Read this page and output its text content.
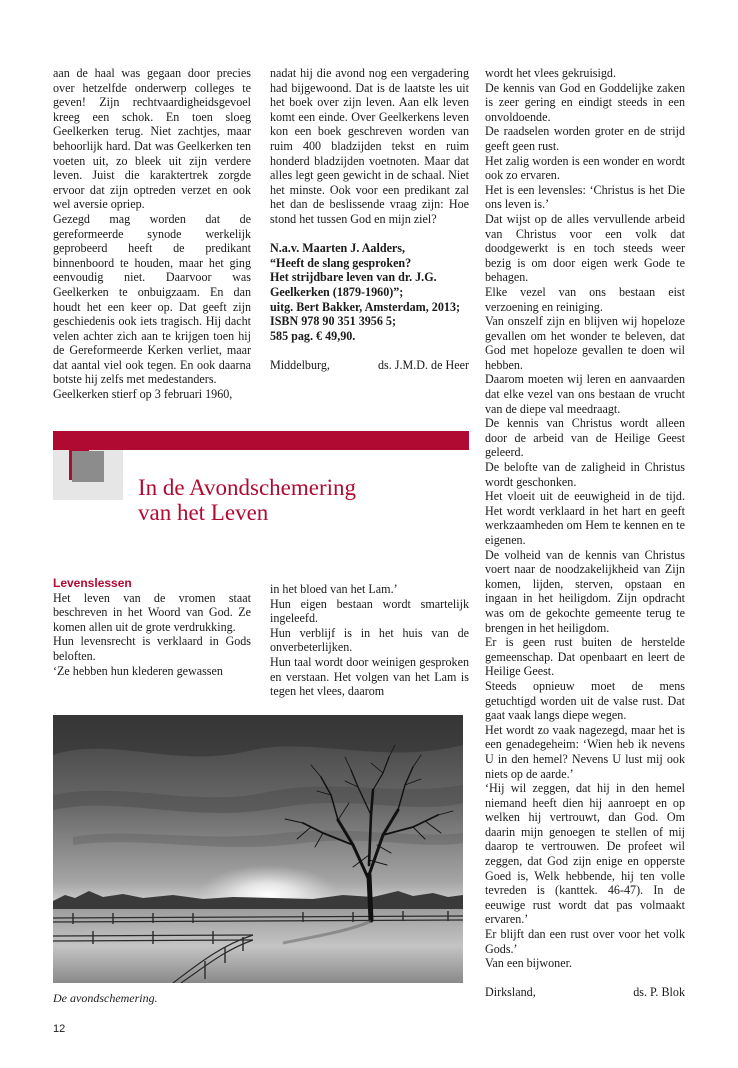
aan de haal was gegaan door precies over hetzelfde onderwerp colleges te geven! Zijn rechtvaardigheidsgevoel kreeg een schok. En toen sloeg Geelkerken terug. Niet zachtjes, maar behoorlijk hard. Dat was Geelkerken ten voeten uit, zo bleek uit zijn verdere leven. Juist die karaktertrek zorgde ervoor dat zijn optreden verzet en ook wel aversie opriep.

Gezegd mag worden dat de gereformeerde synode werkelijk geprobeerd heeft de predikant binnenboord te houden, maar het ging eenvoudig niet. Daarvoor was Geelkerken te onbuigzaam. En dan houdt het een keer op. Dat geeft zijn geschiedenis ook iets tragisch. Hij dacht velen achter zich aan te krijgen toen hij de Gereformeerde Kerken verliet, maar dat aantal viel ook tegen. En ook daarna botste hij zelfs met medestanders.

Geelkerken stierf op 3 februari 1960,

nadat hij die avond nog een vergadering had bijgewoond. Dat is de laatste les uit het boek over zijn leven. Aan elk leven komt een einde. Over Geelkerkens leven kon een boek geschreven worden van ruim 400 bladzijden tekst en ruim honderd bladzijden voetnoten. Maar dat alles legt geen gewicht in de schaal. Niet het minste. Ook voor een predikant zal het dan de beslissende vraag zijn: Hoe stond het tussen God en mijn ziel?

N.a.v. Maarten J. Aalders,
“Heeft de slang gesproken?
Het strijdbare leven van dr. J.G.
Geelkerken (1879-1960)”;
uitg. Bert Bakker, Amsterdam, 2013;
ISBN 978 90 351 3956 5;
585 pag. € 49,90.
Middelburg,	ds. J.M.D. de Heer

wordt het vlees gekruisigd.

De kennis van God en Goddelijke zaken is zeer gering en eindigt steeds in een onvoldoende.

De raadselen worden groter en de strijd geeft geen rust.

Het zalig worden is een wonder en wordt ook zo ervaren.

Het is een levensles: ‘Christus is het Die ons leven is.’

Dat wijst op de alles vervullende arbeid van Christus voor een volk dat doodgewerkt is en toch steeds weer bezig is om door eigen werk Gode te behagen.

Elke vezel van ons bestaan eist verzoening en reiniging.

Van onszelf zijn en blijven wij hopeloze gevallen om het wonder te beleven, dat God met hopeloze gevallen te doen wil hebben.

Daarom moeten wij leren en aanvaarden dat elke vezel van ons bestaan de vrucht van de diepe val meedraagt.

De kennis van Christus wordt alleen door de arbeid van de Heilige Geest geleerd.

De belofte van de zaligheid in Christus wordt geschonken.

Het vloeit uit de eeuwigheid in de tijd. Het wordt verklaard in het hart en geeft werkzaamheden om Hem te kennen en te eigenen.

De volheid van de kennis van Christus voert naar de noodzakelijkheid van Zijn komen, lijden, sterven, opstaan en ingaan in het heiligdom. Zijn opdracht was om de gekochte gemeente terug te brengen in het heiligdom.

Er is geen rust buiten de herstelde gemeenschap. Dat openbaart en leert de Heilige Geest.

Steeds opnieuw moet de mens getuchtigd worden uit de valse rust. Dat gaat vaak langs diepe wegen.

Het wordt zo vaak nagezegd, maar het is een genadegeheim: ‘Wien heb ik nevens U in den hemel? Nevens U lust mij ook niets op de aarde.’

‘Hij wil zeggen, dat hij in den hemel niemand heeft dien hij aanroept en op welken hij vertrouwt, dan God. Om daarin mijn genoegen te stellen of mij daarop te vertrouwen. De profeet wil zeggen, dat God zijn enige en opperste Goed is, Welk hebbende, hij ten volle tevreden is (kanttek. 46-47). In de eeuwige rust wordt dat pas volmaakt ervaren.’

Er blijft dan een rust over voor het volk Gods.’

Van een bijwoner.

Dirksland,	ds. P. Blok
In de Avondschemering
van het Leven
Levenslessen

Het leven van de vromen staat beschreven in het Woord van God. Ze komen allen uit de grote verdrukking.

Hun levensrecht is verklaard in Gods beloften.

‘Ze hebben hun klederen gewassen

in het bloed van het Lam.’

Hun eigen bestaan wordt smartelijk ingeleefd.

Hun verblijf is in het huis van de onverbeterlijken.

Hun taal wordt door weinigen gesproken en verstaan. Het volgen van het Lam is tegen het vlees, daarom

De avondschemering.

12
